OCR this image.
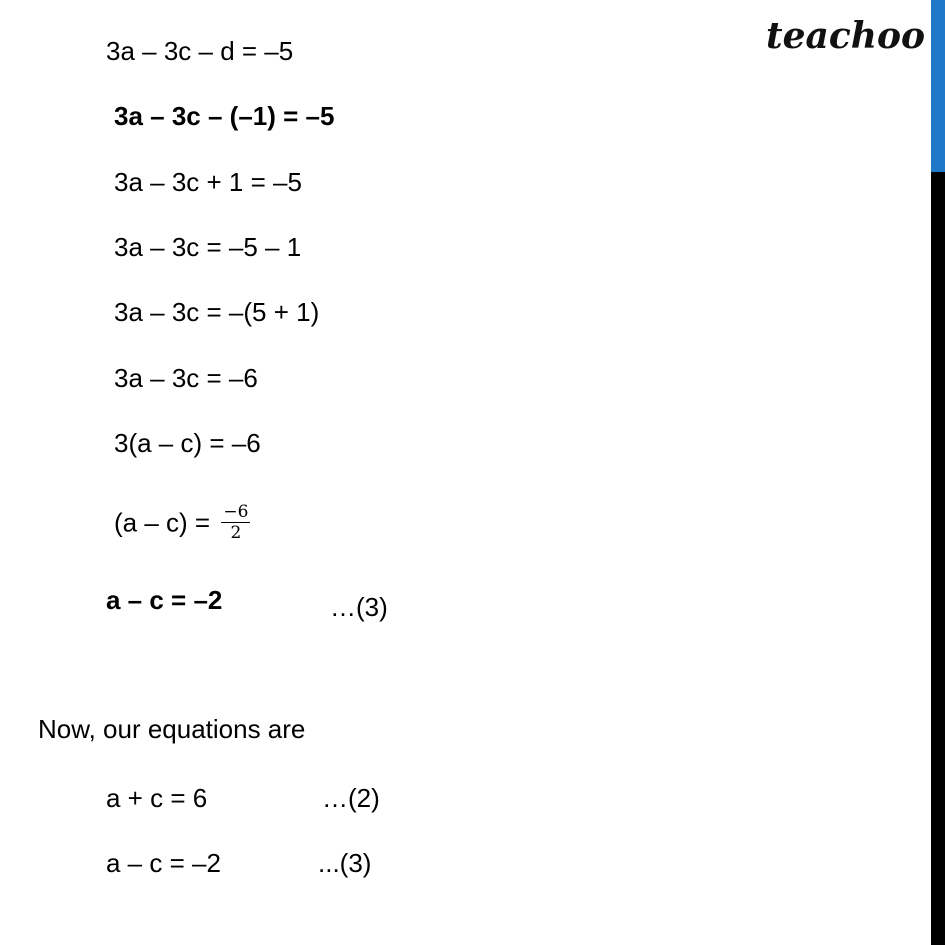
teachoo
3a – 3c – d = –5
3a – 3c – (–1) = –5
3a – 3c + 1 = –5
3a – 3c = –5 – 1
3a – 3c = –(5 + 1)
3a – 3c = –6
3(a – c) = –6
$(a - c) = \frac{-6}{2}$
a – c = –2	…(3)
Now, our equations are
a + c = 6	…(2)
a – c = –2	...(3)
